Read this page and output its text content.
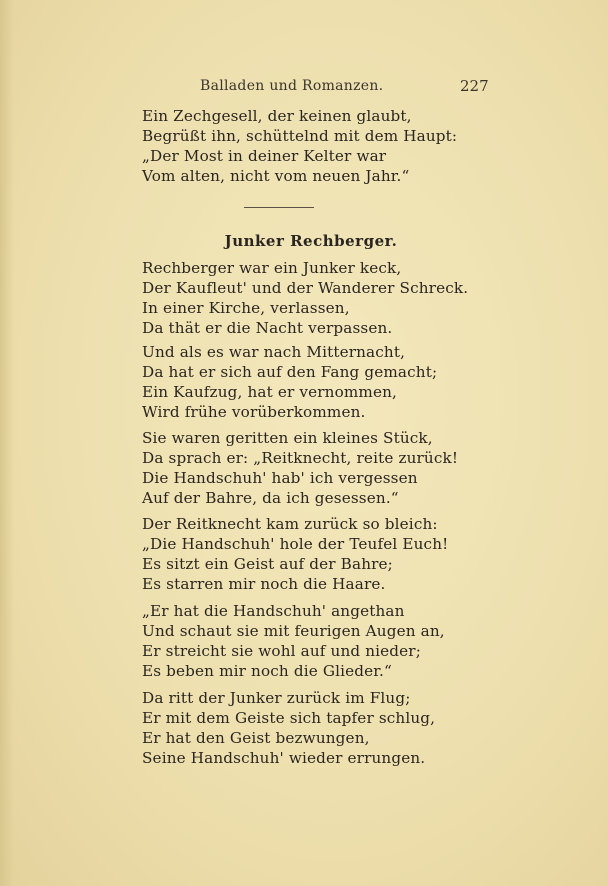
Balladen und Romanzen.	227
Ein Zechgesell, der keinen glaubt,
Begrüßt ihn, schüttelnd mit dem Haupt:
„Der Most in deiner Kelter war
Vom alten, nicht vom neuen Jahr.“
Junker Rechberger.
Rechberger war ein Junker keck,
Der Kaufleut' und der Wanderer Schreck.
In einer Kirche, verlassen,
Da thät er die Nacht verpassen.
Und als es war nach Mitternacht,
Da hat er sich auf den Fang gemacht;
Ein Kaufzug, hat er vernommen,
Wird frühe vorüberkommen.
Sie waren geritten ein kleines Stück,
Da sprach er: „Reitknecht, reite zurück!
Die Handschuh' hab' ich vergessen
Auf der Bahre, da ich gesessen.“
Der Reitknecht kam zurück so bleich:
„Die Handschuh' hole der Teufel Euch!
Es sitzt ein Geist auf der Bahre;
Es starren mir noch die Haare.
„Er hat die Handschuh' angethan
Und schaut sie mit feurigen Augen an,
Er streicht sie wohl auf und nieder;
Es beben mir noch die Glieder.“
Da ritt der Junker zurück im Flug;
Er mit dem Geiste sich tapfer schlug,
Er hat den Geist bezwungen,
Seine Handschuh' wieder errungen.
